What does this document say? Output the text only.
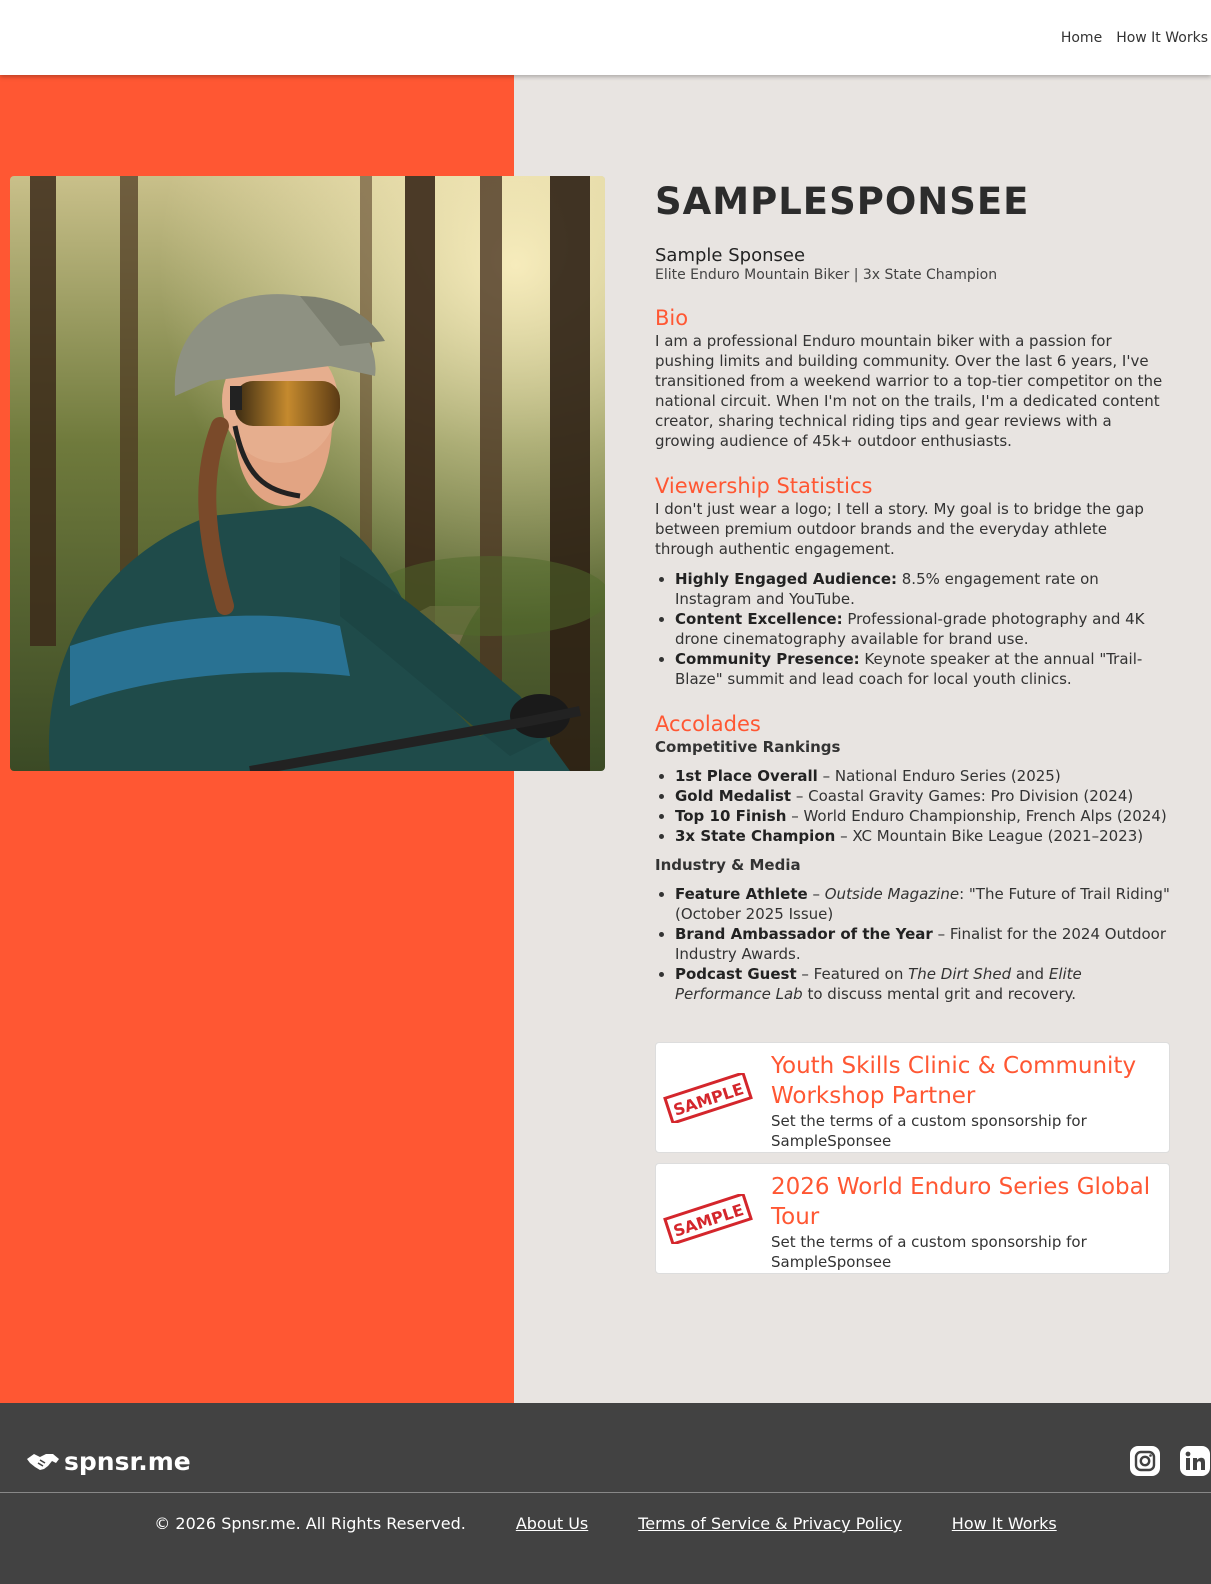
Home How It Works
SAMPLESPONSEE
Sample Sponsee
Elite Enduro Mountain Biker | 3x State Champion
Bio

I am a professional Enduro mountain biker with a passion for pushing limits and building community. Over the last 6 years, I've transitioned from a weekend warrior to a top-tier competitor on the national circuit. When I'm not on the trails, I'm a dedicated content creator, sharing technical riding tips and gear reviews with a growing audience of 45k+ outdoor enthusiasts.

Viewership Statistics

I don't just wear a logo; I tell a story. My goal is to bridge the gap between premium outdoor brands and the everyday athlete through authentic engagement.

• Highly Engaged Audience: 8.5% engagement rate on Instagram and YouTube.
• Content Excellence: Professional-grade photography and 4K drone cinematography available for brand use.
• Community Presence: Keynote speaker at the annual "Trail-Blaze" summit and lead coach for local youth clinics.
Accolades
Competitive Rankings
• 1st Place Overall – National Enduro Series (2025)
• Gold Medalist – Coastal Gravity Games: Pro Division (2024)
• Top 10 Finish – World Enduro Championship, French Alps (2024)
• 3x State Champion – XC Mountain Bike League (2021–2023)
Industry & Media
• Feature Athlete – Outside Magazine: "The Future of Trail Riding" (October 2025 Issue)
• Brand Ambassador of the Year – Finalist for the 2024 Outdoor Industry Awards.
• Podcast Guest – Featured on The Dirt Shed and Elite Performance Lab to discuss mental grit and recovery.
SAMPLE
Youth Skills Clinic & Community Workshop Partner
Set the terms of a custom sponsorship for SampleSponsee
SAMPLE
2026 World Enduro Series Global Tour
Set the terms of a custom sponsorship for SampleSponsee
spnsr.me
© 2026 Spnsr.me. All Rights Reserved.	About Us	Terms of Service & Privacy Policy	How It Works
